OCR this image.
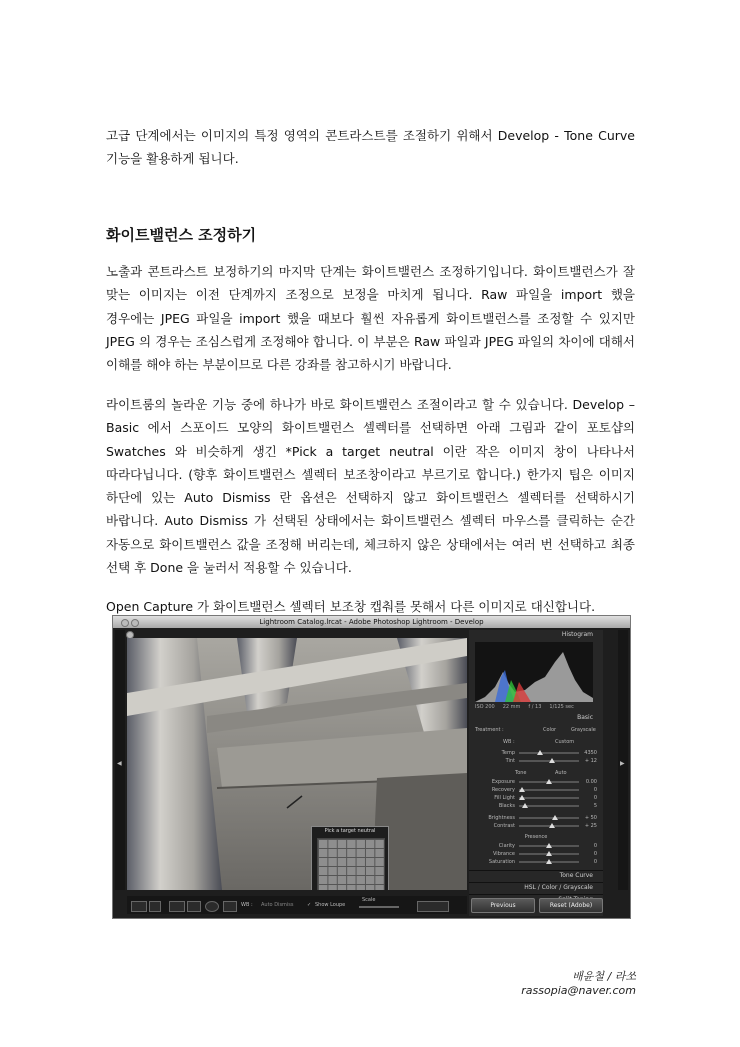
고급 단계에서는 이미지의 특정 영역의 콘트라스트를 조절하기 위해서 Develop - Tone Curve 기능을 활용하게 됩니다.

화이트밸런스 조정하기

노출과 콘트라스트 보정하기의 마지막 단계는 화이트밸런스 조정하기입니다. 화이트밸런스가 잘 맞는 이미지는 이전 단계까지 조정으로 보정을 마치게 됩니다. Raw 파일을 import 했을 경우에는 JPEG 파일을 import 했을 때보다 훨씬 자유롭게 화이트밸런스를 조정할 수 있지만 JPEG 의 경우는 조심스럽게 조정해야 합니다. 이 부분은 Raw 파일과 JPEG 파일의 차이에 대해서 이해를 해야 하는 부분이므로 다른 강좌를 참고하시기 바랍니다.

라이트룸의 놀라운 기능 중에 하나가 바로 화이트밸런스 조절이라고 할 수 있습니다. Develop – Basic 에서 스포이드 모양의 화이트밸런스 셀렉터를 선택하면 아래 그림과 같이 포토샵의 Swatches 와 비슷하게 생긴 *Pick a target neutral 이란 작은 이미지 창이 나타나서 따라다닙니다. (향후 화이트밸런스 셀렉터 보조창이라고 부르기로 합니다.) 한가지 팁은 이미지 하단에 있는 Auto Dismiss 란 옵션은 선택하지 않고 화이트밸런스 셀렉터를 선택하시기 바랍니다. Auto Dismiss 가 선택된 상태에서는 화이트밸런스 셀렉터 마우스를 클릭하는 순간 자동으로 화이트밸런스 값을 조정해 버리는데, 체크하지 않은 상태에서는 여러 번 선택하고 최종 선택 후 Done 을 눌러서 적용할 수 있습니다.

Open Capture 가 화이트밸런스 셀렉터 보조창 캡춰를 못해서 다른 이미지로 대신합니다.

Lightroom Catalog.lrcat - Adobe Photoshop Lightroom - Develop
◀	▶
Pick a target neutral
WB : Auto Dismiss	✓ Show Loupe
Scale
Histogram
ISO 200 22 mm f / 13 1/125 sec
Basic
Treatment :	Color	Grayscale
WB :	Custom
Temp	4350
Tint	+ 12
Tone	Auto
Exposure	0.00
Recovery	0
Fill Light	0
Blacks	5
Brightness	+ 50
Contrast	+ 25
Presence
Clarity	0
Vibrance	0
Saturation	0
Tone Curve
HSL / Color / Grayscale
Previous	Reset (Adobe)
배윤철 / 라쏘 rassopia@naver.com
